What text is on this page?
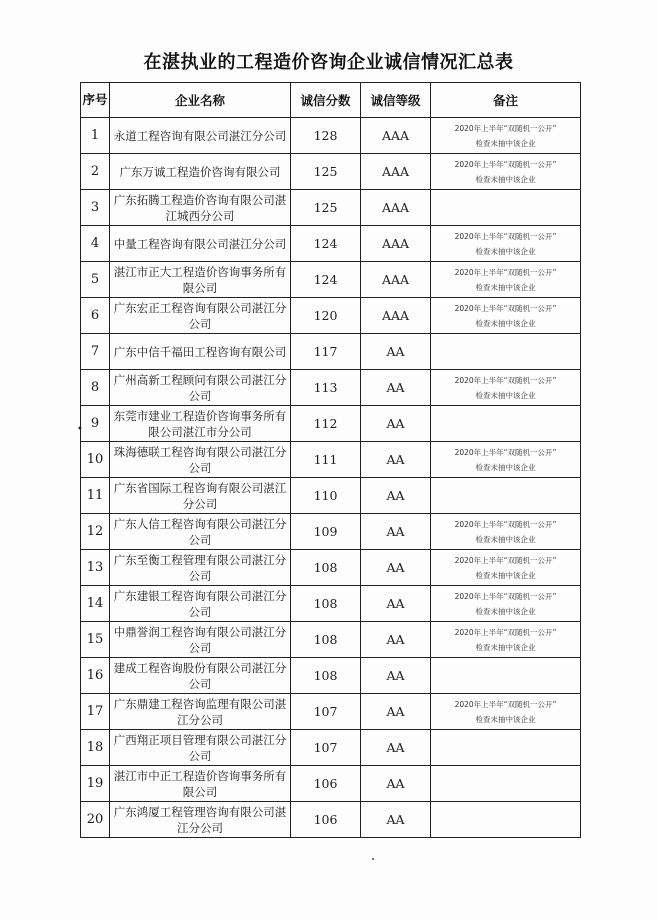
在湛执业的工程造价咨询企业诚信情况汇总表
序号	企业名称	诚信分数	诚信等级	备注
1	永道工程咨询有限公司湛江分公司	128	AAA	2020年上半年“双随机一公开”
检查未抽中该企业

2	广东万诚工程造价咨询有限公司	125	AAA	2020年上半年“双随机一公开”
检查未抽中该企业

3	广东拓腾工程造价咨询有限公司湛江城西分公司	125	AAA	

4	中量工程咨询有限公司湛江分公司	124	AAA	2020年上半年“双随机一公开”
检查未抽中该企业

5	湛江市正大工程造价咨询事务所有限公司	124	AAA	2020年上半年“双随机一公开”
检查未抽中该企业

6	广东宏正工程咨询有限公司湛江分公司	120	AAA	2020年上半年“双随机一公开”
检查未抽中该企业

7	广东中信千福田工程咨询有限公司	117	AA	

8	广州高新工程顾问有限公司湛江分公司	113	AA	2020年上半年“双随机一公开”
检查未抽中该企业

9	东莞市建业工程造价咨询事务所有限公司湛江市分公司	112	AA	

10	珠海德联工程咨询有限公司湛江分公司	111	AA	2020年上半年“双随机一公开”
检查未抽中该企业

11	广东省国际工程咨询有限公司湛江分公司	110	AA	

12	广东人信工程咨询有限公司湛江分公司	109	AA	2020年上半年“双随机一公开”
检查未抽中该企业

13	广东至衡工程管理有限公司湛江分公司	108	AA	2020年上半年“双随机一公开”
检查未抽中该企业

14	广东建银工程咨询有限公司湛江分公司	108	AA	2020年上半年“双随机一公开”
检查未抽中该企业

15	中鼎誉润工程咨询有限公司湛江分公司	108	AA	2020年上半年“双随机一公开”
检查未抽中该企业

16	建成工程咨询股份有限公司湛江分公司	108	AA	

17	广东鼎建工程咨询监理有限公司湛江分公司	107	AA	2020年上半年“双随机一公开”
检查未抽中该企业

18	广西翔正项目管理有限公司湛江分公司	107	AA	

19	湛江市中正工程造价咨询事务所有限公司	106	AA	

20	广东鸿厦工程管理咨询有限公司湛江分公司	106	AA	
•
